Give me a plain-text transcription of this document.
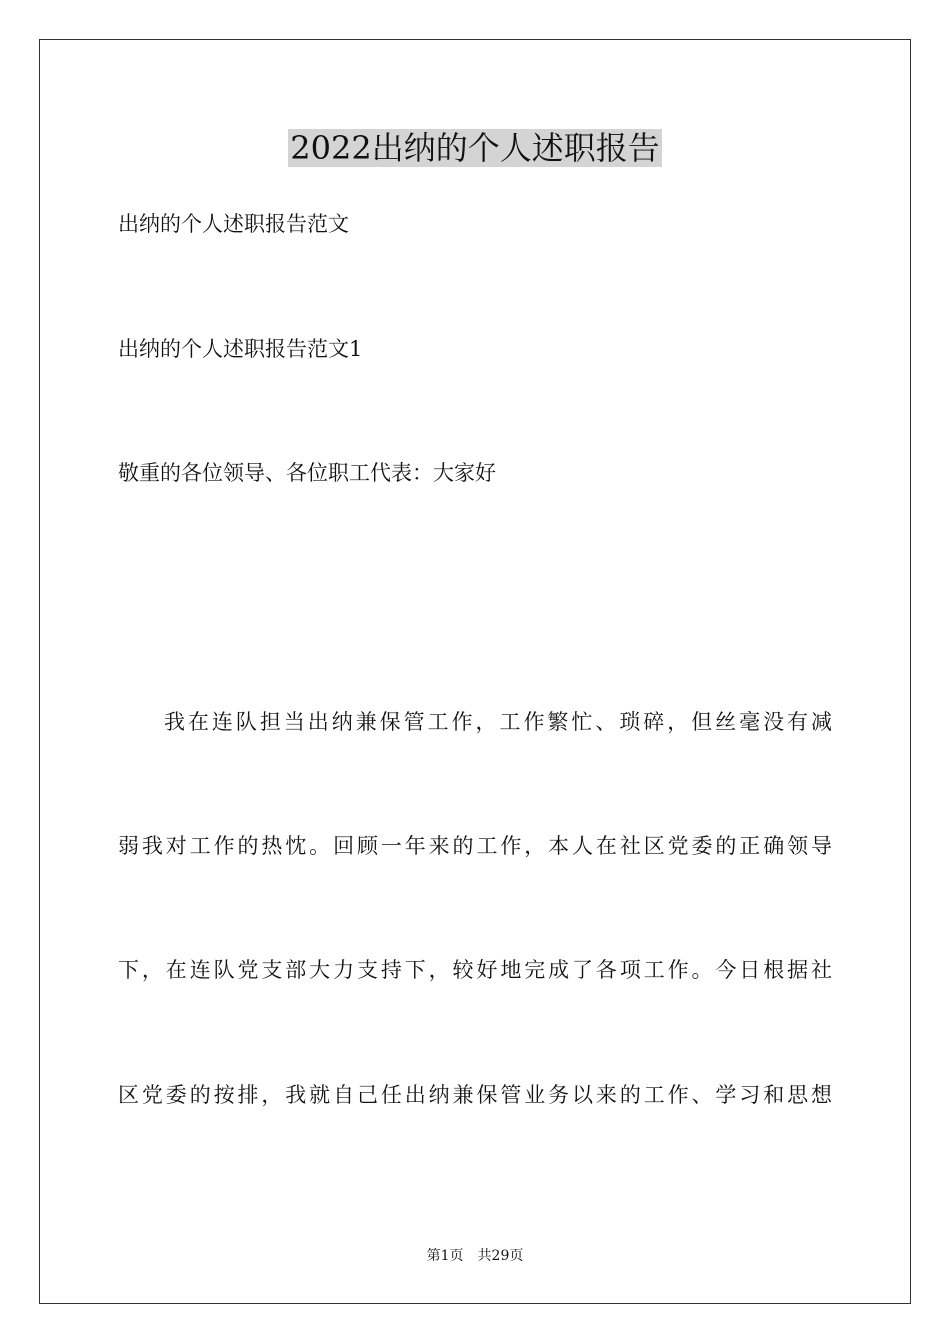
2022出纳的个人述职报告

出纳的个人述职报告范文

出纳的个人述职报告范文1

敬重的各位领导、各位职工代表：大家好

我在连队担当出纳兼保管工作，工作繁忙、琐碎，但丝毫没有减

弱我对工作的热忱。回顾一年来的工作，本人在社区党委的正确领导

下，在连队党支部大力支持下，较好地完成了各项工作。今日根据社

区党委的按排，我就自己任出纳兼保管业务以来的工作、学习和思想

第1页 共29页
